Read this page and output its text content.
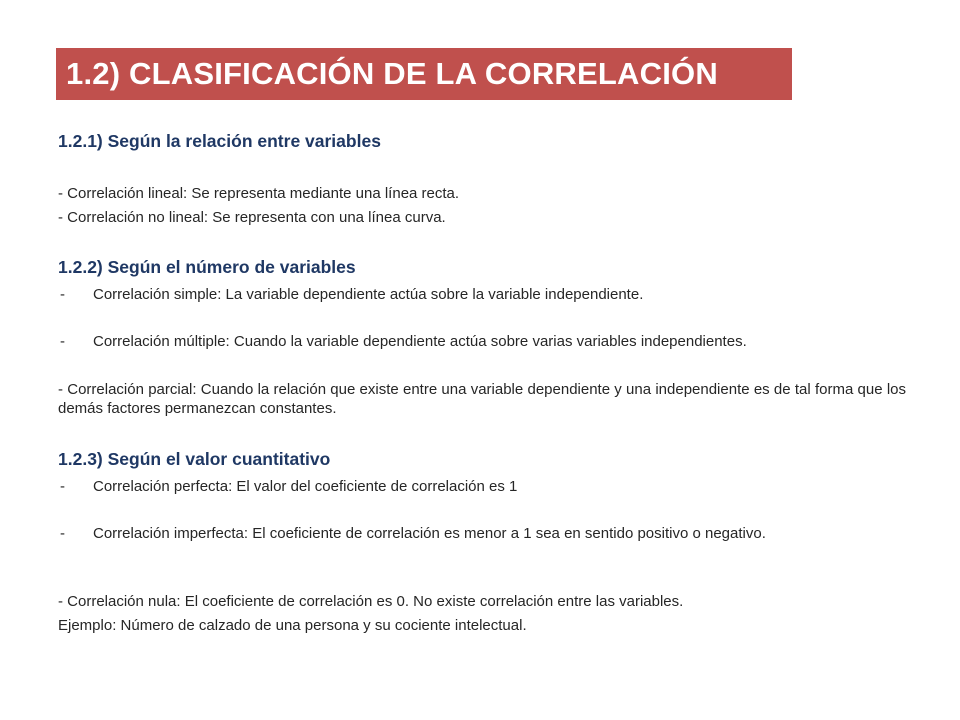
1.2) CLASIFICACIÓN DE LA CORRELACIÓN
1.2.1) Según la relación entre variables
- Correlación lineal: Se representa mediante una línea recta.
- Correlación no lineal: Se representa con una línea curva.
1.2.2) Según el número de variables
- Correlación simple: La variable dependiente actúa sobre la variable independiente.
- Correlación múltiple: Cuando la variable dependiente actúa sobre varias variables independientes.
- Correlación parcial: Cuando la relación que existe entre una variable dependiente y una independiente es de tal forma que los demás factores permanezcan constantes.
1.2.3) Según el valor cuantitativo
- Correlación perfecta: El valor del coeficiente de correlación es 1
- Correlación imperfecta: El coeficiente de correlación es menor a 1 sea en sentido positivo o negativo.
- Correlación nula: El coeficiente de correlación es 0. No existe correlación entre las variables.
Ejemplo: Número de calzado de una persona y su cociente intelectual.
